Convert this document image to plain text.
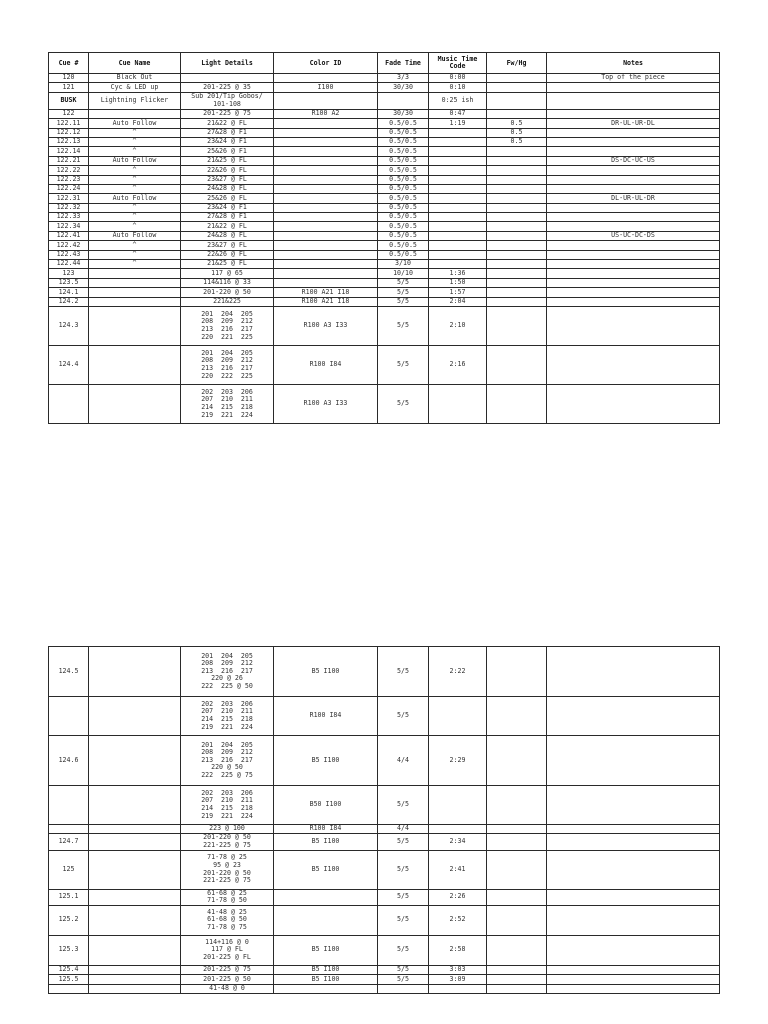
Cue #	Cue Name	Light Details	Color ID	Fade Time	Music Time Code	Fw/Hg	Notes
120	Black Out			3/3	0:00		Top of the piece
121	Cyc & LED up	201-225 @ 35	I100	30/30	0:10		
BUSK	Lightning Flicker	Sub 201/Tip Gobos/
101-108			0:25 ish		
122		201-225 @ 75	R100 A2	30/30	0:47		
122.11	Auto Follow	21&22 @ FL		0.5/0.5	1:19	0.5	DR-UL-UR-DL
122.12	^	27&28 @ F1		0.5/0.5		0.5	
122.13	^	23&24 @ F1		0.5/0.5		0.5	
122.14	^	25&26 @ F1		0.5/0.5			
122.21	Auto Follow	21&25 @ FL		0.5/0.5			DS-DC-UC-US
122.22	^	22&26 @ FL		0.5/0.5			
122.23	^	23&27 @ FL		0.5/0.5			
122.24	^	24&28 @ FL		0.5/0.5			
122.31	Auto Follow	25&26 @ FL		0.5/0.5			DL-UR-UL-DR
122.32	^	23&24 @ F1		0.5/0.5			
122.33	^	27&28 @ F1		0.5/0.5			
122.34	^	21&22 @ FL		0.5/0.5			
122.41	Auto Follow	24&28 @ FL		0.5/0.5			US-UC-DC-DS
122.42	^	23&27 @ FL		0.5/0.5			
122.43	^	22&26 @ FL		0.5/0.5			
122.44	^	21&25 @ FL		3/10			
123		117 @ 65		10/10	1:36		
123.5		114&116 @ 33		5/5	1:50		
124.1		201-220 @ 50	R100 A21 I18	5/5	1:57		
124.2		221&225	R100 A21 I18	5/5	2:04		
124.3		201  204  205
208  209  212
213  216  217
220  221  225	R100 A3 I33	5/5	2:10		
124.4		201  204  205
208  209  212
213  216  217
220  222  225	R100 I84	5/5	2:16		
		202  203  206
207  210  211
214  215  218
219  221  224	R100 A3 I33	5/5			
124.5		201  204  205
208  209  212
213  216  217
220 @ 26
222  225 @ 50	B5 I100	5/5	2:22		
		202  203  206
207  210  211
214  215  218
219  221  224	R100 I84	5/5			
124.6		201  204  205
208  209  212
213  216  217
220 @ 50
222  225 @ 75	B5 I100	4/4	2:29		
		202  203  206
207  210  211
214  215  218
219  221  224	B50 I100	5/5			
		223 @ 100	R100 I84	4/4			
124.7		201-220 @ 50
221-225 @ 75	B5 I100	5/5	2:34		
125		71-78 @ 25
95 @ 23
201-220 @ 50
221-225 @ 75	B5 I100	5/5	2:41		
125.1		61-68 @ 25
71-78 @ 50		5/5	2:26		
125.2		41-48 @ 25
61-68 @ 50
71-78 @ 75		5/5	2:52		
125.3		114+116 @ 0
117 @ FL
201-225 @ FL	B5 I100	5/5	2:58		
125.4		201-225 @ 75	B5 I100	5/5	3:03		
125.5		201-225 @ 50	B5 I100	5/5	3:09		
		41-48 @ 0					
